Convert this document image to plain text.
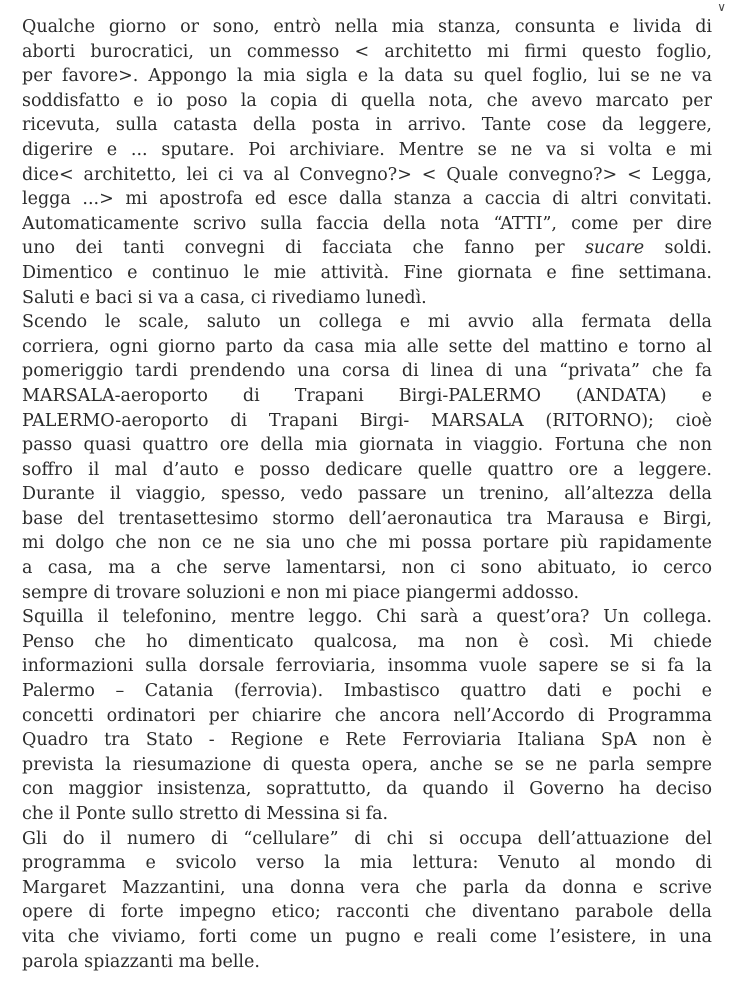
∨

Qualche giorno or sono, entrò nella mia stanza, consunta e livida di
aborti burocratici, un commesso < architetto mi firmi questo foglio,
per favore>. Appongo la mia sigla e la data su quel foglio, lui se ne va
soddisfatto e io poso la copia di quella nota, che avevo marcato per
ricevuta, sulla catasta della posta in arrivo. Tante cose da leggere,
digerire e ... sputare. Poi archiviare. Mentre se ne va si volta e mi
dice< architetto, lei ci va al Convegno?> < Quale convegno?> < Legga,
legga ...> mi apostrofa ed esce dalla stanza a caccia di altri convitati.
Automaticamente scrivo sulla faccia della nota “ATTI”, come per dire
uno dei tanti convegni di facciata che fanno per sucare soldi.
Dimentico e continuo le mie attività. Fine giornata e fine settimana.
Saluti e baci si va a casa, ci rivediamo lunedì.

Scendo le scale, saluto un collega e mi avvio alla fermata della
corriera, ogni giorno parto da casa mia alle sette del mattino e torno al
pomeriggio tardi prendendo una corsa di linea di una “privata” che fa
MARSALA-aeroporto di Trapani Birgi-PALERMO (ANDATA) e
PALERMO-aeroporto di Trapani Birgi- MARSALA (RITORNO); cioè
passo quasi quattro ore della mia giornata in viaggio. Fortuna che non
soffro il mal d’auto e posso dedicare quelle quattro ore a leggere.
Durante il viaggio, spesso, vedo passare un trenino, all’altezza della
base del trentasettesimo stormo dell’aeronautica tra Marausa e Birgi,
mi dolgo che non ce ne sia uno che mi possa portare più rapidamente
a casa, ma a che serve lamentarsi, non ci sono abituato, io cerco
sempre di trovare soluzioni e non mi piace piangermi addosso.

Squilla il telefonino, mentre leggo. Chi sarà a quest’ora? Un collega.
Penso che ho dimenticato qualcosa, ma non è così. Mi chiede
informazioni sulla dorsale ferroviaria, insomma vuole sapere se si fa la
Palermo – Catania (ferrovia). Imbastisco quattro dati e pochi e
concetti ordinatori per chiarire che ancora nell’Accordo di Programma
Quadro tra Stato - Regione e Rete Ferroviaria Italiana SpA non è
prevista la riesumazione di questa opera, anche se se ne parla sempre
con maggior insistenza, soprattutto, da quando il Governo ha deciso
che il Ponte sullo stretto di Messina si fa.

Gli do il numero di “cellulare” di chi si occupa dell’attuazione del
programma e svicolo verso la mia lettura: Venuto al mondo di
Margaret Mazzantini, una donna vera che parla da donna e scrive
opere di forte impegno etico; racconti che diventano parabole della
vita che viviamo, forti come un pugno e reali come l’esistere, in una
parola spiazzanti ma belle.
